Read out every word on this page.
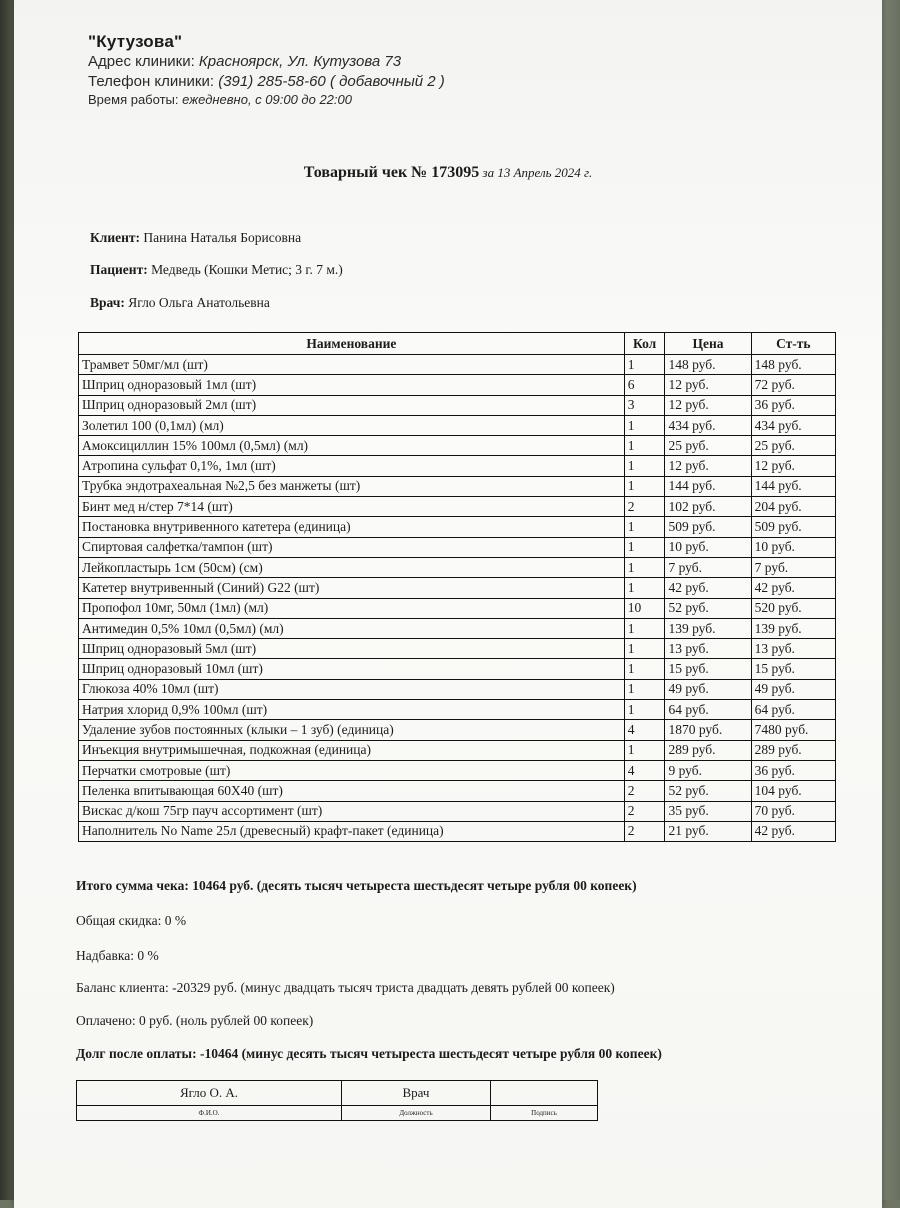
"Кутузова"
Адрес клиники: Красноярск, Ул. Кутузова 73
Телефон клиники: (391) 285-58-60 ( добавочный 2 )
Время работы: ежедневно, с 09:00 до 22:00
Товарный чек № 173095 за 13 Апрель 2024 г.
Клиент: Панина Наталья Борисовна
Пациент: Медведь (Кошки Метис; 3 г. 7 м.)
Врач: Ягло Ольга Анатольевна
Наименование	Кол	Цена	Ст-ть
Трамвет 50мг/мл (шт)	1	148 руб.	148 руб.
Шприц одноразовый 1мл (шт)	6	12 руб.	72 руб.
Шприц одноразовый 2мл (шт)	3	12 руб.	36 руб.
Золетил 100 (0,1мл) (мл)	1	434 руб.	434 руб.
Амоксициллин 15% 100мл (0,5мл) (мл)	1	25 руб.	25 руб.
Атропина сульфат 0,1%, 1мл (шт)	1	12 руб.	12 руб.
Трубка эндотрахеальная №2,5 без манжеты (шт)	1	144 руб.	144 руб.
Бинт мед н/стер 7*14 (шт)	2	102 руб.	204 руб.
Постановка внутривенного катетера (единица)	1	509 руб.	509 руб.
Спиртовая салфетка/тампон (шт)	1	10 руб.	10 руб.
Лейкопластырь 1см (50см) (см)	1	7 руб.	7 руб.
Катетер внутривенный (Синий) G22 (шт)	1	42 руб.	42 руб.
Пропофол 10мг, 50мл (1мл) (мл)	10	52 руб.	520 руб.
Антимедин 0,5% 10мл (0,5мл) (мл)	1	139 руб.	139 руб.
Шприц одноразовый 5мл (шт)	1	13 руб.	13 руб.
Шприц одноразовый 10мл (шт)	1	15 руб.	15 руб.
Глюкоза 40% 10мл (шт)	1	49 руб.	49 руб.
Натрия хлорид 0,9% 100мл (шт)	1	64 руб.	64 руб.
Удаление зубов постоянных (клыки – 1 зуб) (единица)	4	1870 руб.	7480 руб.
Инъекция внутримышечная, подкожная (единица)	1	289 руб.	289 руб.
Перчатки смотровые (шт)	4	9 руб.	36 руб.
Пеленка впитывающая 60Х40 (шт)	2	52 руб.	104 руб.
Вискас д/кош 75гр пауч ассортимент (шт)	2	35 руб.	70 руб.
Наполнитель No Name 25л (древесный) крафт-пакет (единица)	2	21 руб.	42 руб.
Итого сумма чека: 10464 руб. (десять тысяч четыреста шестьдесят четыре рубля 00 копеек)
Общая скидка: 0 %
Надбавка: 0 %
Баланс клиента: -20329 руб. (минус двадцать тысяч триста двадцать девять рублей 00 копеек)
Оплачено: 0 руб. (ноль рублей 00 копеек)
Долг после оплаты: -10464 (минус десять тысяч четыреста шестьдесят четыре рубля 00 копеек)
Ягло О. А.	Врач	
Ф.И.О.	Должность	Подпись
